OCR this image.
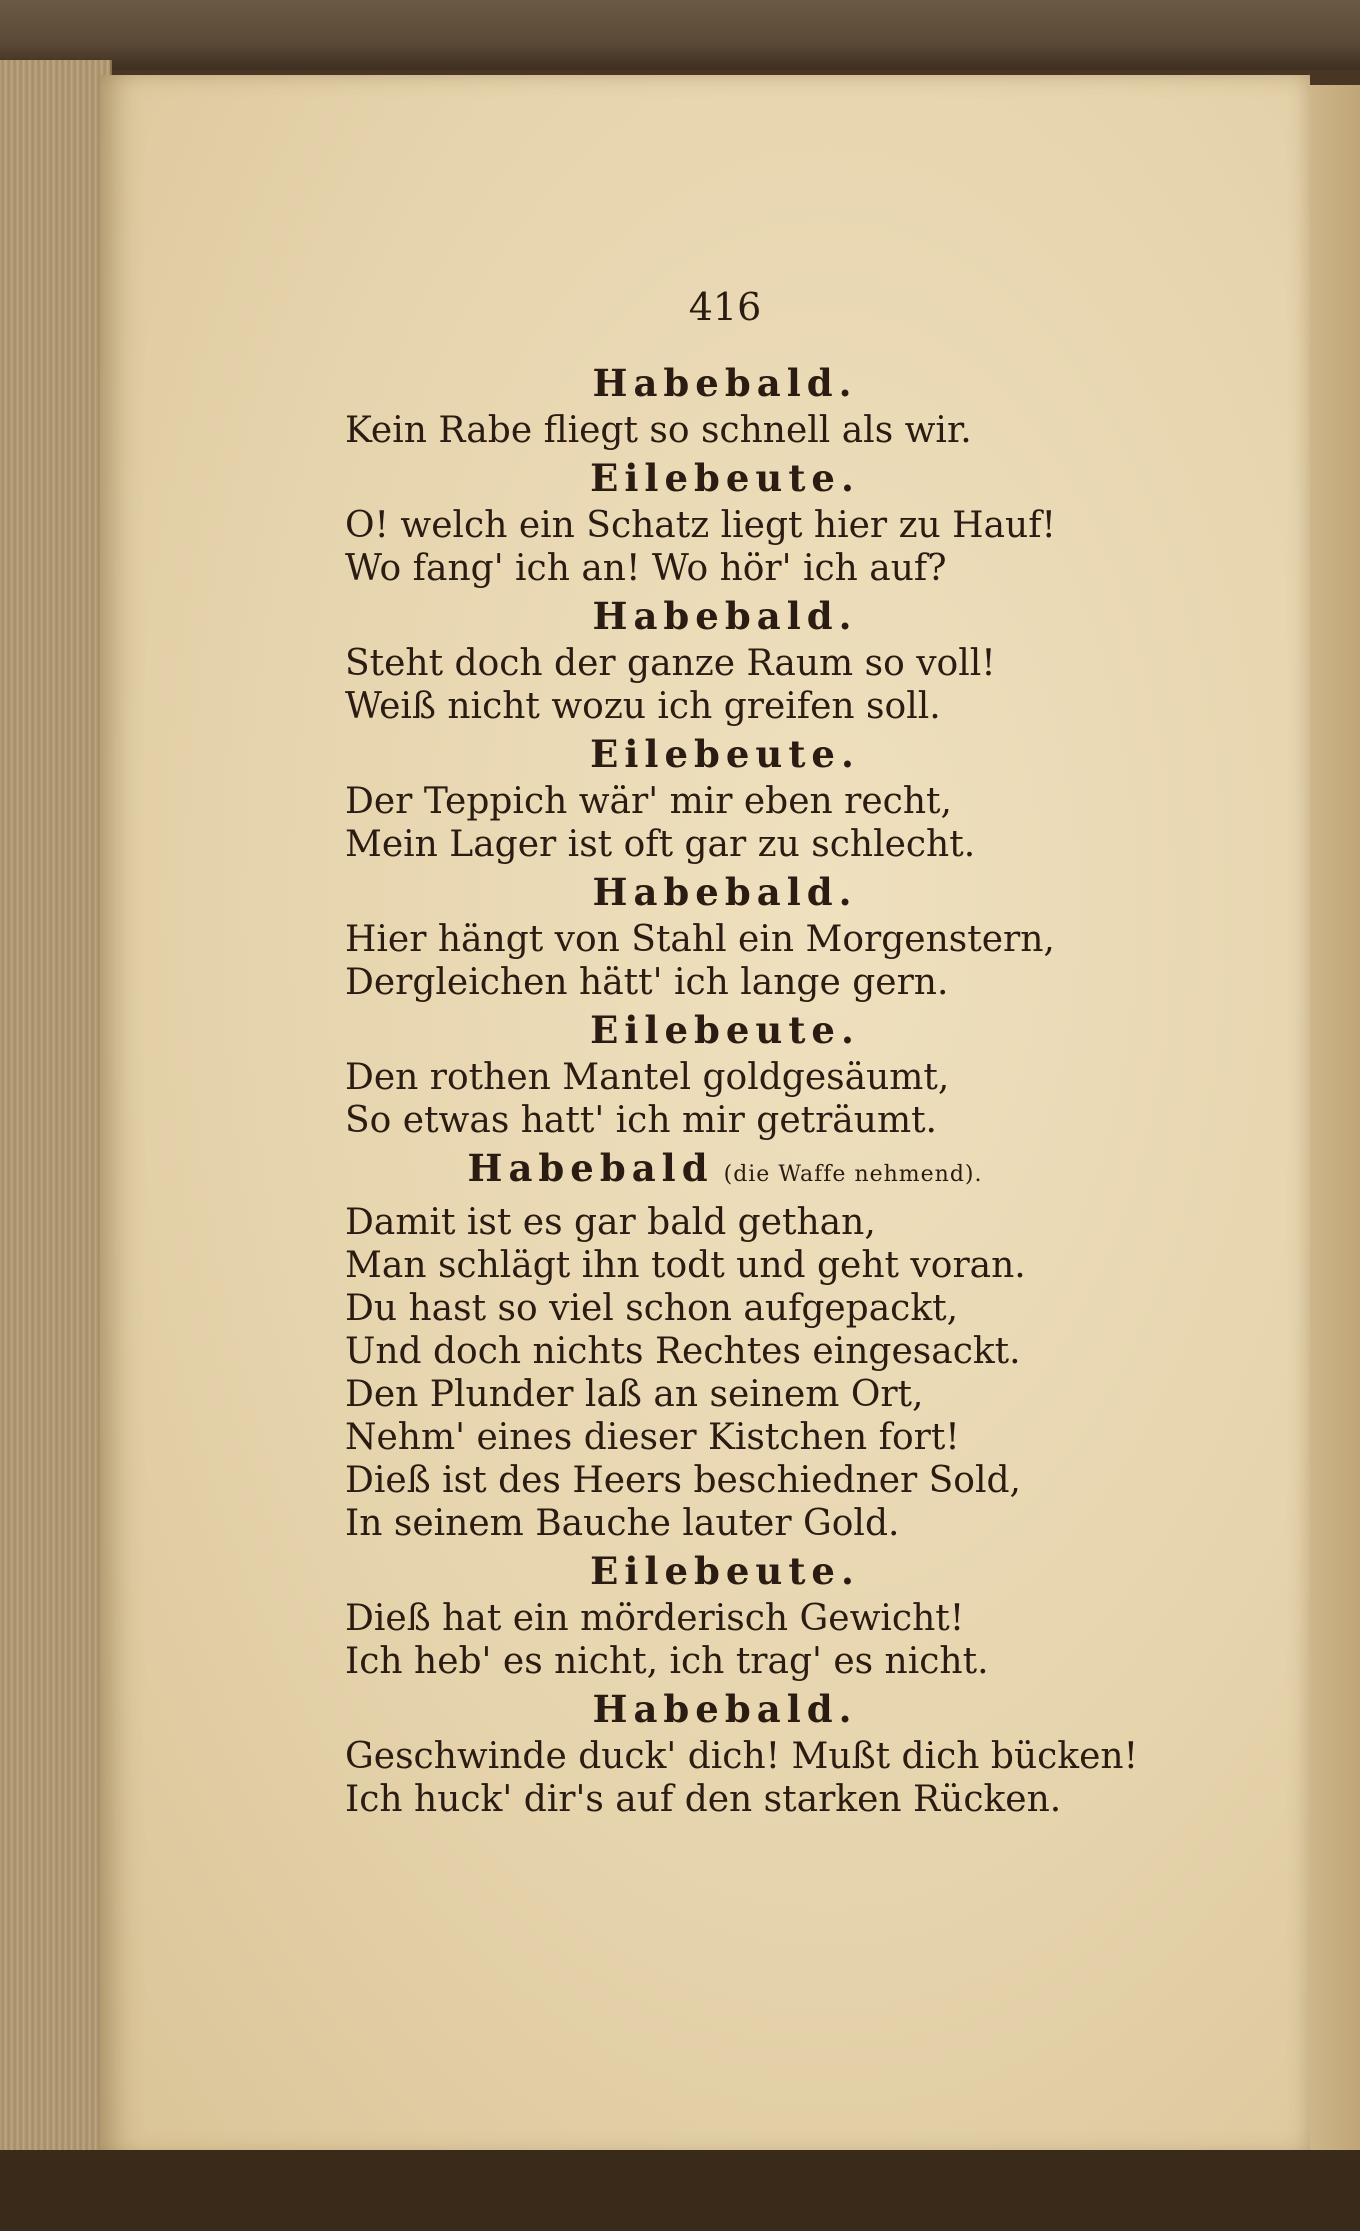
416
Habebald.
Kein Rabe fliegt so schnell als wir.
Eilebeute.
O! welch ein Schatz liegt hier zu Hauf!
Wo fang' ich an! Wo hör' ich auf?
Habebald.
Steht doch der ganze Raum so voll!
Weiß nicht wozu ich greifen soll.
Eilebeute.
Der Teppich wär' mir eben recht,
Mein Lager ist oft gar zu schlecht.
Habebald.
Hier hängt von Stahl ein Morgenstern,
Dergleichen hätt' ich lange gern.
Eilebeute.
Den rothen Mantel goldgesäumt,
So etwas hatt' ich mir geträumt.
Habebald (die Waffe nehmend).
Damit ist es gar bald gethan,
Man schlägt ihn todt und geht voran.
Du hast so viel schon aufgepackt,
Und doch nichts Rechtes eingesackt.
Den Plunder laß an seinem Ort,
Nehm' eines dieser Kistchen fort!
Dieß ist des Heers beschiedner Sold,
In seinem Bauche lauter Gold.
Eilebeute.
Dieß hat ein mörderisch Gewicht!
Ich heb' es nicht, ich trag' es nicht.
Habebald.
Geschwinde duck' dich! Mußt dich bücken!
Ich huck' dir's auf den starken Rücken.
